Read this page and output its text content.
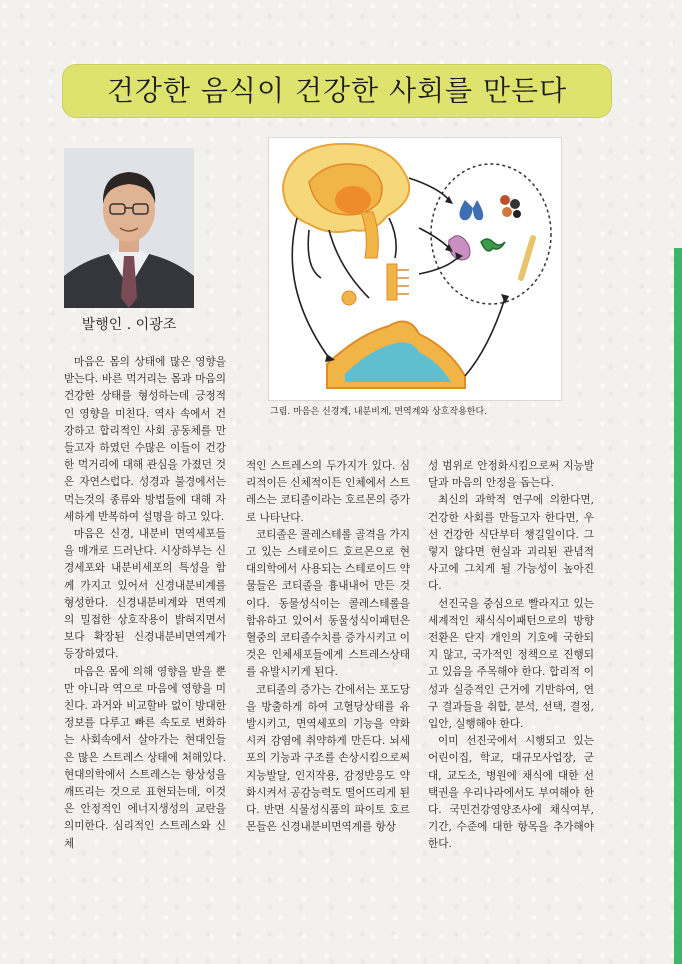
건강한 음식이 건강한 사회를 만든다
발행인 . 이광조
그림. 마음은 신경계, 내분비계, 면역계와 상호작용한다.

마음은 몸의 상태에 많은 영향을 받는다. 바른 먹거리는 몸과 마음의 건강한 상태를 형성하는데 긍정적인 영향을 미친다. 역사 속에서 건강하고 합리적인 사회 공동체를 만들고자 하였던 수많은 이들이 건강한 먹거리에 대해 관심을 가졌던 것은 자연스럽다. 성경과 불경에서는 먹는것의 종류와 방법들에 대해 자세하게 반복하여 설명을 하고 있다.

마음은 신경, 내분비 면역세포들을 매개로 드러난다. 시상하부는 신경세포와 내분비세포의 특성을 함께 가지고 있어서 신경내분비계를 형성한다. 신경내분비계와 면역계의 밀접한 상호작용이 밝혀지면서 보다 확장된 신경내분비면역계가 등장하였다.

마음은 몸에 의해 영향을 받을 뿐만 아니라 역으로 마음에 영향을 미친다. 과거와 비교할바 없이 방대한 정보를 다루고 빠른 속도로 변화하는 사회속에서 살아가는 현대인들은 많은 스트레스 상태에 처해있다. 현대의학에서 스트레스는 항상성을 깨뜨리는 것으로 표현되는데, 이것은 안정적인 에너지생성의 교란을 의미한다. 심리적인 스트레스와 신체

적인 스트레스의 두가지가 있다. 심리적이든 신체적이든 인체에서 스트레스는 코티졸이라는 호르몬의 증가로 나타난다.

코티졸은 콜레스테롤 골격을 가지고 있는 스테로이드 호르몬으로 현대의학에서 사용되는 스테로이드 약물들은 코티졸을 흉내내어 만든 것이다. 동물성식이는 콜레스테롤을 함유하고 있어서 동물성식이패턴은 혈중의 코티졸수치를 증가시키고 이것은 인체세포들에게 스트레스상태를 유발시키게 된다.

코티졸의 증가는 간에서는 포도당을 방출하게 하여 고혈당상태를 유발시키고, 면역세포의 기능을 약화시켜 감염에 취약하게 만든다. 뇌세포의 기능과 구조를 손상시킴으로써 지능발달, 인지작용, 감정반응도 약화시켜서 공감능력도 떨어뜨리게 된다. 반면 식물성식품의 파이토 호르몬들은 신경내분비면역계를 항상

성 범위로 안정화시킴으로써 지능발달과 마음의 안정을 돕는다.

최신의 과학적 연구에 의한다면, 건강한 사회를 만들고자 한다면, 우선 건강한 식단부터 챙길일이다. 그렇지 않다면 현실과 괴리된 관념적 사고에 그치게 될 가능성이 높아진다.

선진국을 중심으로 빨라지고 있는 세계적인 채식식이패턴으로의 방향전환은 단지 개인의 기호에 국한되지 않고, 국가적인 정책으로 진행되고 있음을 주목해야 한다. 합리적 이성과 실증적인 근거에 기반하여, 연구 결과들을 취합, 분석, 선택, 결정, 입안, 실행해야 한다.

이미 선진국에서 시행되고 있는 어린이집, 학교, 대규모사업장, 군대, 교도소, 병원에 채식에 대한 선택권을 우리나라에서도 부여해야 한다. 국민건강영양조사에 채식여부, 기간, 수준에 대한 항목을 추가해야 한다.
